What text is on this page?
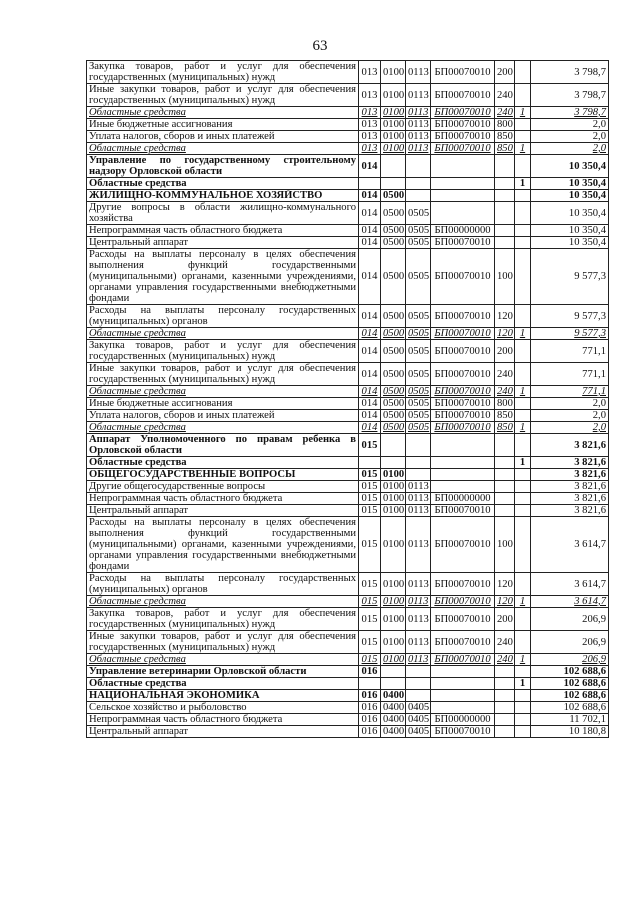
63
Закупка товаров, работ и услуг для обеспечения государственных (муниципальных) нужд	013	0100	0113	БП00070010	200		3 798,7
Иные закупки товаров, работ и услуг для обеспечения государственных (муниципальных) нужд	013	0100	0113	БП00070010	240		3 798,7
Областные средства	013	0100	0113	БП00070010	240	1	3 798,7
Иные бюджетные ассигнования	013	0100	0113	БП00070010	800		2,0
Уплата налогов, сборов и иных платежей	013	0100	0113	БП00070010	850		2,0
Областные средства	013	0100	0113	БП00070010	850	1	2,0
Управление по государственному строительному надзору Орловской области	014						10 350,4
Областные средства						1	10 350,4
ЖИЛИЩНО-КОММУНАЛЬНОЕ ХОЗЯЙСТВО	014	0500					10 350,4
Другие вопросы в области жилищно-коммунального хозяйства	014	0500	0505				10 350,4
Непрограммная часть областного бюджета	014	0500	0505	БП00000000			10 350,4
Центральный аппарат	014	0500	0505	БП00070010			10 350,4
Расходы на выплаты персоналу в целях обеспечения выполнения функций государственными (муниципальными) органами, казенными учреждениями, органами управления государственными внебюджетными фондами	014	0500	0505	БП00070010	100		9 577,3
Расходы на выплаты персоналу государственных (муниципальных) органов	014	0500	0505	БП00070010	120		9 577,3
Областные средства	014	0500	0505	БП00070010	120	1	9 577,3
Закупка товаров, работ и услуг для обеспечения государственных (муниципальных) нужд	014	0500	0505	БП00070010	200		771,1
Иные закупки товаров, работ и услуг для обеспечения государственных (муниципальных) нужд	014	0500	0505	БП00070010	240		771,1
Областные средства	014	0500	0505	БП00070010	240	1	771,1
Иные бюджетные ассигнования	014	0500	0505	БП00070010	800		2,0
Уплата налогов, сборов и иных платежей	014	0500	0505	БП00070010	850		2,0
Областные средства	014	0500	0505	БП00070010	850	1	2,0
Аппарат Уполномоченного по правам ребенка в Орловской области	015						3 821,6
Областные средства						1	3 821,6
ОБЩЕГОСУДАРСТВЕННЫЕ ВОПРОСЫ	015	0100					3 821,6
Другие общегосударственные вопросы	015	0100	0113				3 821,6
Непрограммная часть областного бюджета	015	0100	0113	БП00000000			3 821,6
Центральный аппарат	015	0100	0113	БП00070010			3 821,6
Расходы на выплаты персоналу в целях обеспечения выполнения функций государственными (муниципальными) органами, казенными учреждениями, органами управления государственными внебюджетными фондами	015	0100	0113	БП00070010	100		3 614,7
Расходы на выплаты персоналу государственных (муниципальных) органов	015	0100	0113	БП00070010	120		3 614,7
Областные средства	015	0100	0113	БП00070010	120	1	3 614,7
Закупка товаров, работ и услуг для обеспечения государственных (муниципальных) нужд	015	0100	0113	БП00070010	200		206,9
Иные закупки товаров, работ и услуг для обеспечения государственных (муниципальных) нужд	015	0100	0113	БП00070010	240		206,9
Областные средства	015	0100	0113	БП00070010	240	1	206,9
Управление ветеринарии Орловской области	016						102 688,6
Областные средства						1	102 688,6
НАЦИОНАЛЬНАЯ ЭКОНОМИКА	016	0400					102 688,6
Сельское хозяйство и рыболовство	016	0400	0405				102 688,6
Непрограммная часть областного бюджета	016	0400	0405	БП00000000			11 702,1
Центральный аппарат	016	0400	0405	БП00070010			10 180,8
